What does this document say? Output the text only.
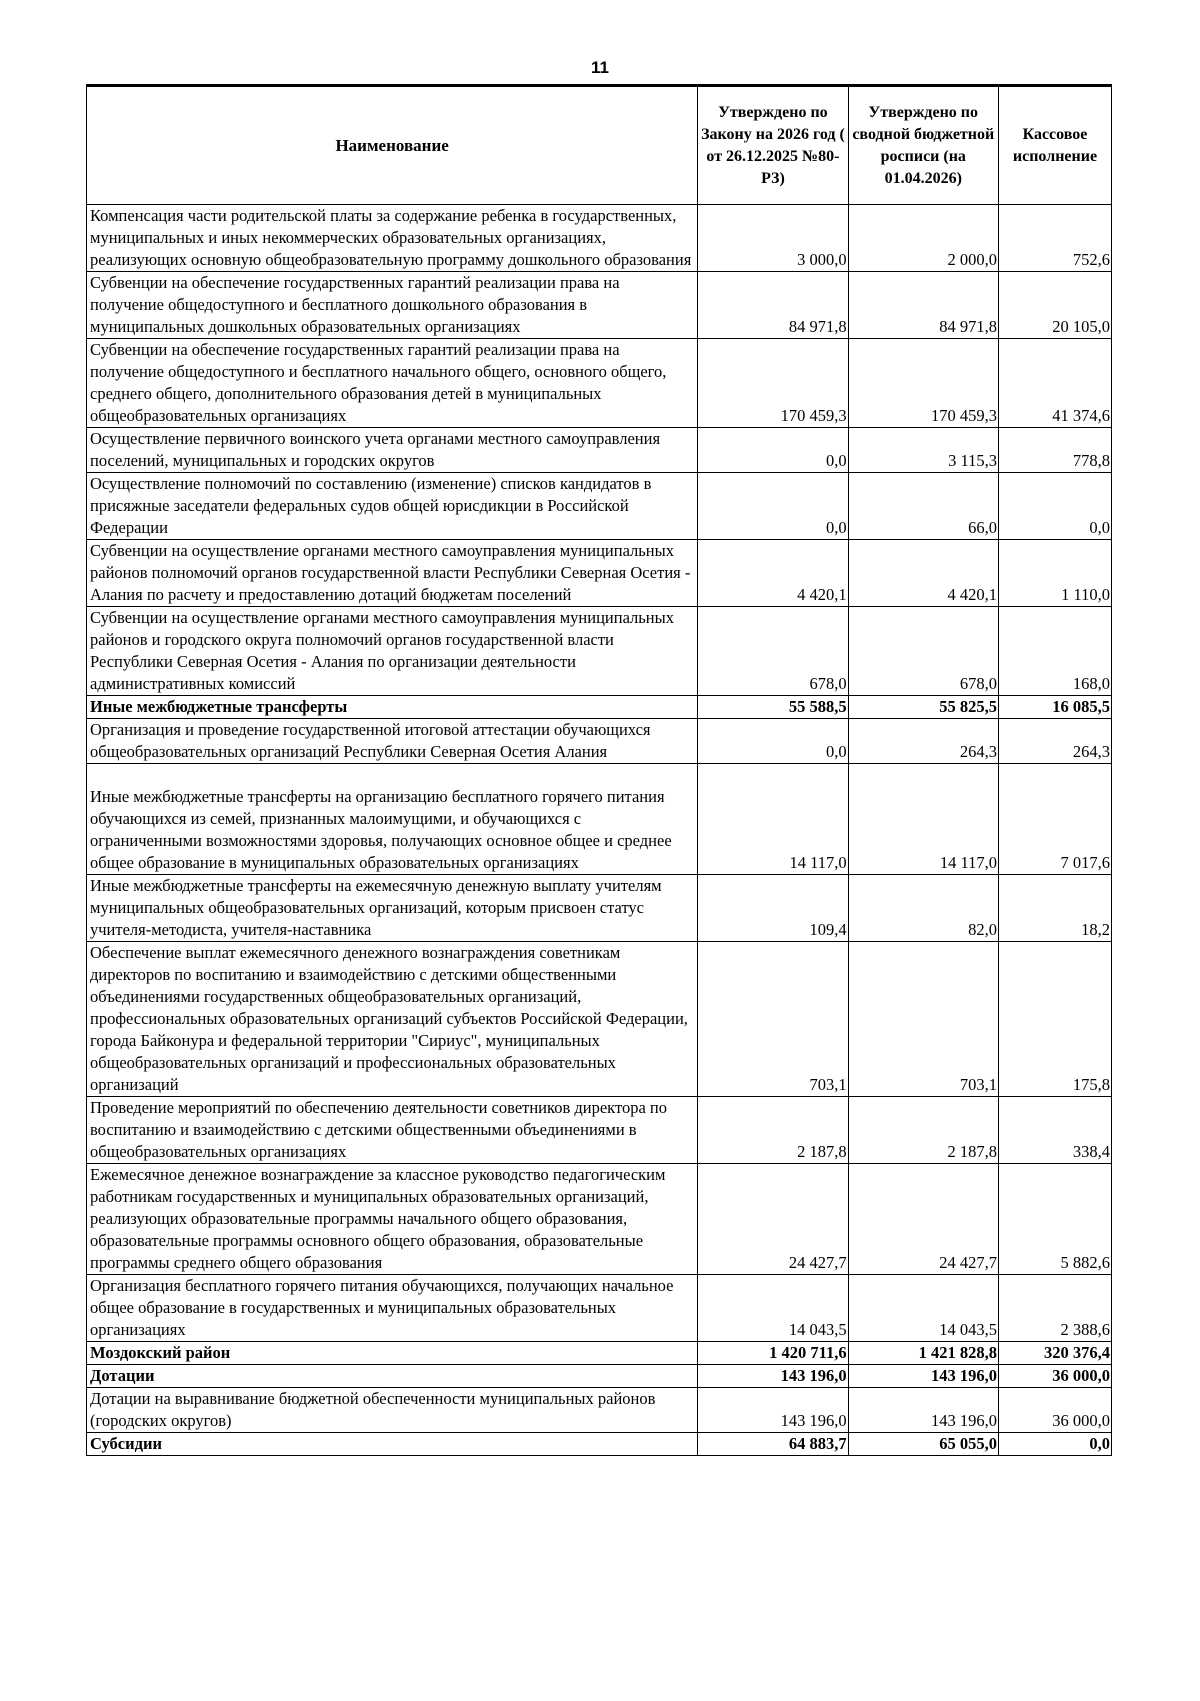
11
Наименование	Утверждено по Закону на 2026 год ( от 26.12.2025 №80-РЗ)	Утверждено по сводной бюджетной росписи (на 01.04.2026)	Кассовое исполнение
Компенсация части родительской платы за содержание ребенка в государственных, муниципальных и иных некоммерческих образовательных организациях, реализующих основную общеобразовательную программу дошкольного образования	3 000,0	2 000,0	752,6
Субвенции на обеспечение государственных гарантий реализации права на получение общедоступного и бесплатного дошкольного образования в муниципальных дошкольных образовательных организациях	84 971,8	84 971,8	20 105,0
Субвенции на обеспечение государственных гарантий реализации права на получение общедоступного и бесплатного начального общего, основного общего, среднего общего, дополнительного образования детей в муниципальных общеобразовательных организациях	170 459,3	170 459,3	41 374,6
Осуществление первичного воинского учета органами местного самоуправления поселений, муниципальных и городских округов	0,0	3 115,3	778,8
Осуществление полномочий по составлению (изменение) списков кандидатов в присяжные заседатели федеральных судов общей юрисдикции в Российской Федерации	0,0	66,0	0,0
Субвенции на осуществление органами местного самоуправления муниципальных районов полномочий органов государственной власти Республики Северная Осетия - Алания по расчету и предоставлению дотаций бюджетам поселений	4 420,1	4 420,1	1 110,0
Субвенции на осуществление органами местного самоуправления муниципальных районов и городского округа полномочий органов государственной власти Республики Северная Осетия - Алания по организации деятельности административных комиссий	678,0	678,0	168,0
Иные межбюджетные трансферты	55 588,5	55 825,5	16 085,5
Организация и проведение государственной итоговой аттестации обучающихся общеобразовательных организаций Республики Северная Осетия Алания	0,0	264,3	264,3
Иные межбюджетные трансферты на организацию бесплатного горячего питания обучающихся из семей, признанных малоимущими, и обучающихся с ограниченными возможностями здоровья, получающих основное общее и среднее общее образование в муниципальных образовательных организациях	14 117,0	14 117,0	7 017,6
Иные межбюджетные трансферты на ежемесячную денежную выплату учителям муниципальных общеобразовательных организаций, которым присвоен статус учителя-методиста, учителя-наставника	109,4	82,0	18,2
Обеспечение выплат ежемесячного денежного вознаграждения советникам директоров по воспитанию и взаимодействию с детскими общественными объединениями государственных общеобразовательных организаций, профессиональных образовательных организаций субъектов Российской Федерации, города Байконура и федеральной территории "Сириус", муниципальных общеобразовательных организаций и профессиональных образовательных организаций	703,1	703,1	175,8
Проведение мероприятий по обеспечению деятельности советников директора по воспитанию и взаимодействию с детскими общественными объединениями в общеобразовательных организациях	2 187,8	2 187,8	338,4
Ежемесячное денежное вознаграждение за классное руководство педагогическим работникам государственных и муниципальных образовательных организаций, реализующих образовательные программы начального общего образования, образовательные программы основного общего образования, образовательные программы среднего общего образования	24 427,7	24 427,7	5 882,6
Организация бесплатного горячего питания обучающихся, получающих начальное общее образование в государственных и муниципальных образовательных организациях	14 043,5	14 043,5	2 388,6
Моздокский район	1 420 711,6	1 421 828,8	320 376,4
Дотации	143 196,0	143 196,0	36 000,0
Дотации на выравнивание бюджетной обеспеченности муниципальных районов (городских округов)	143 196,0	143 196,0	36 000,0
Субсидии	64 883,7	65 055,0	0,0
